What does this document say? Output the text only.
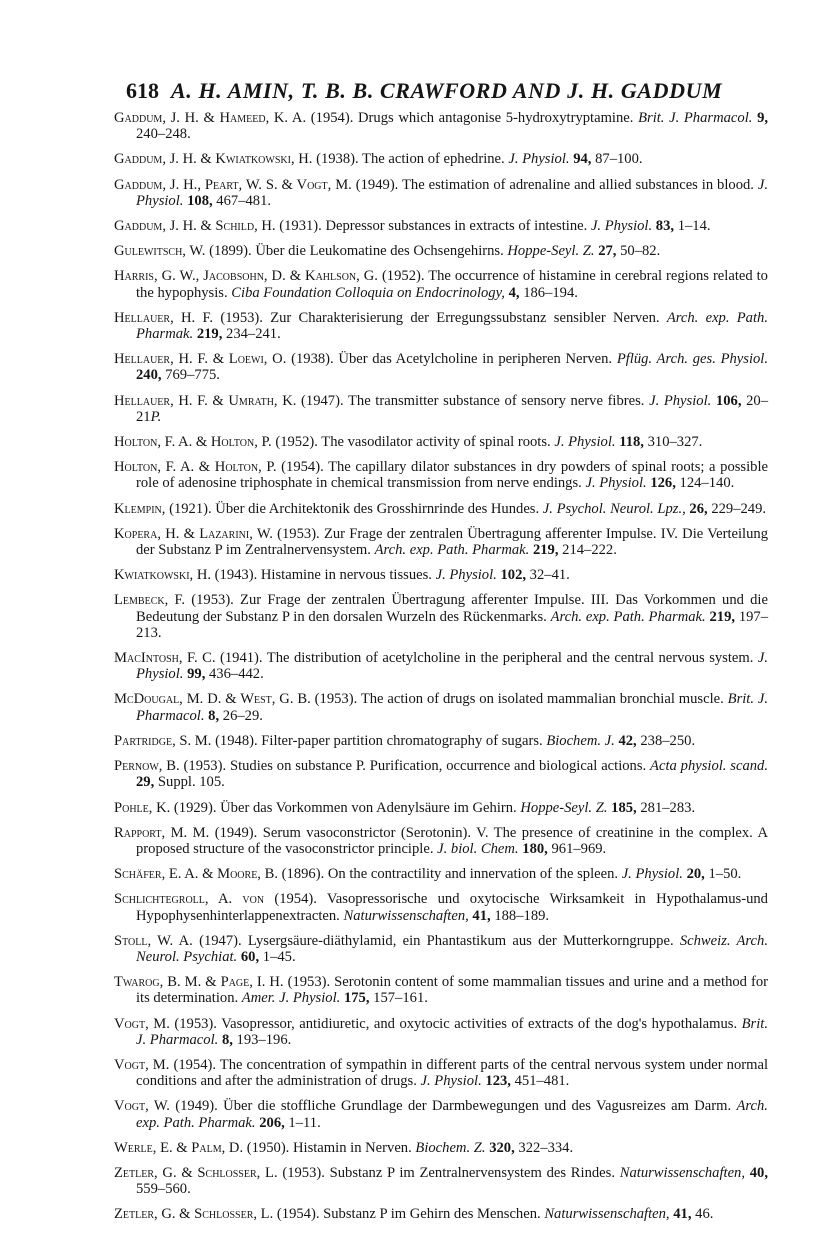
618 A. H. AMIN, T. B. B. CRAWFORD AND J. H. GADDUM

Gaddum, J. H. & Hameed, K. A. (1954). Drugs which antagonise 5-hydroxytryptamine. Brit. J. Pharmacol. 9, 240–248.

Gaddum, J. H. & Kwiatkowski, H. (1938). The action of ephedrine. J. Physiol. 94, 87–100.

Gaddum, J. H., Peart, W. S. & Vogt, M. (1949). The estimation of adrenaline and allied substances in blood. J. Physiol. 108, 467–481.

Gaddum, J. H. & Schild, H. (1931). Depressor substances in extracts of intestine. J. Physiol. 83, 1–14.

Gulewitsch, W. (1899). Über die Leukomatine des Ochsengehirns. Hoppe-Seyl. Z. 27, 50–82.

Harris, G. W., Jacobsohn, D. & Kahlson, G. (1952). The occurrence of histamine in cerebral regions related to the hypophysis. Ciba Foundation Colloquia on Endocrinology, 4, 186–194.

Hellauer, H. F. (1953). Zur Charakterisierung der Erregungssubstanz sensibler Nerven. Arch. exp. Path. Pharmak. 219, 234–241.

Hellauer, H. F. & Loewi, O. (1938). Über das Acetylcholine in peripheren Nerven. Pflüg. Arch. ges. Physiol. 240, 769–775.

Hellauer, H. F. & Umrath, K. (1947). The transmitter substance of sensory nerve fibres. J. Physiol. 106, 20–21P.

Holton, F. A. & Holton, P. (1952). The vasodilator activity of spinal roots. J. Physiol. 118, 310–327.

Holton, F. A. & Holton, P. (1954). The capillary dilator substances in dry powders of spinal roots; a possible role of adenosine triphosphate in chemical transmission from nerve endings. J. Physiol. 126, 124–140.

Klempin, (1921). Über die Architektonik des Grosshirnrinde des Hundes. J. Psychol. Neurol. Lpz., 26, 229–249.

Kopera, H. & Lazarini, W. (1953). Zur Frage der zentralen Übertragung afferenter Impulse. IV. Die Verteilung der Substanz P im Zentralnervensystem. Arch. exp. Path. Pharmak. 219, 214–222.

Kwiatkowski, H. (1943). Histamine in nervous tissues. J. Physiol. 102, 32–41.

Lembeck, F. (1953). Zur Frage der zentralen Übertragung afferenter Impulse. III. Das Vorkommen und die Bedeutung der Substanz P in den dorsalen Wurzeln des Rückenmarks. Arch. exp. Path. Pharmak. 219, 197–213.

MacIntosh, F. C. (1941). The distribution of acetylcholine in the peripheral and the central nervous system. J. Physiol. 99, 436–442.

McDougal, M. D. & West, G. B. (1953). The action of drugs on isolated mammalian bronchial muscle. Brit. J. Pharmacol. 8, 26–29.

Partridge, S. M. (1948). Filter-paper partition chromatography of sugars. Biochem. J. 42, 238–250.

Pernow, B. (1953). Studies on substance P. Purification, occurrence and biological actions. Acta physiol. scand. 29, Suppl. 105.

Pohle, K. (1929). Über das Vorkommen von Adenylsäure im Gehirn. Hoppe-Seyl. Z. 185, 281–283.

Rapport, M. M. (1949). Serum vasoconstrictor (Serotonin). V. The presence of creatinine in the complex. A proposed structure of the vasoconstrictor principle. J. biol. Chem. 180, 961–969.

Schäfer, E. A. & Moore, B. (1896). On the contractility and innervation of the spleen. J. Physiol. 20, 1–50.

Schlichtegroll, A. von (1954). Vasopressorische und oxytocische Wirksamkeit in Hypothalamus-und Hypophysenhinterlappenextracten. Naturwissenschaften, 41, 188–189.

Stoll, W. A. (1947). Lysergsäure-diäthylamid, ein Phantastikum aus der Mutterkorngruppe. Schweiz. Arch. Neurol. Psychiat. 60, 1–45.

Twarog, B. M. & Page, I. H. (1953). Serotonin content of some mammalian tissues and urine and a method for its determination. Amer. J. Physiol. 175, 157–161.

Vogt, M. (1953). Vasopressor, antidiuretic, and oxytocic activities of extracts of the dog's hypothalamus. Brit. J. Pharmacol. 8, 193–196.

Vogt, M. (1954). The concentration of sympathin in different parts of the central nervous system under normal conditions and after the administration of drugs. J. Physiol. 123, 451–481.

Vogt, W. (1949). Über die stoffliche Grundlage der Darmbewegungen und des Vagusreizes am Darm. Arch. exp. Path. Pharmak. 206, 1–11.

Werle, E. & Palm, D. (1950). Histamin in Nerven. Biochem. Z. 320, 322–334.

Zetler, G. & Schlosser, L. (1953). Substanz P im Zentralnervensystem des Rindes. Naturwissenschaften, 40, 559–560.

Zetler, G. & Schlosser, L. (1954). Substanz P im Gehirn des Menschen. Naturwissenschaften, 41, 46.
